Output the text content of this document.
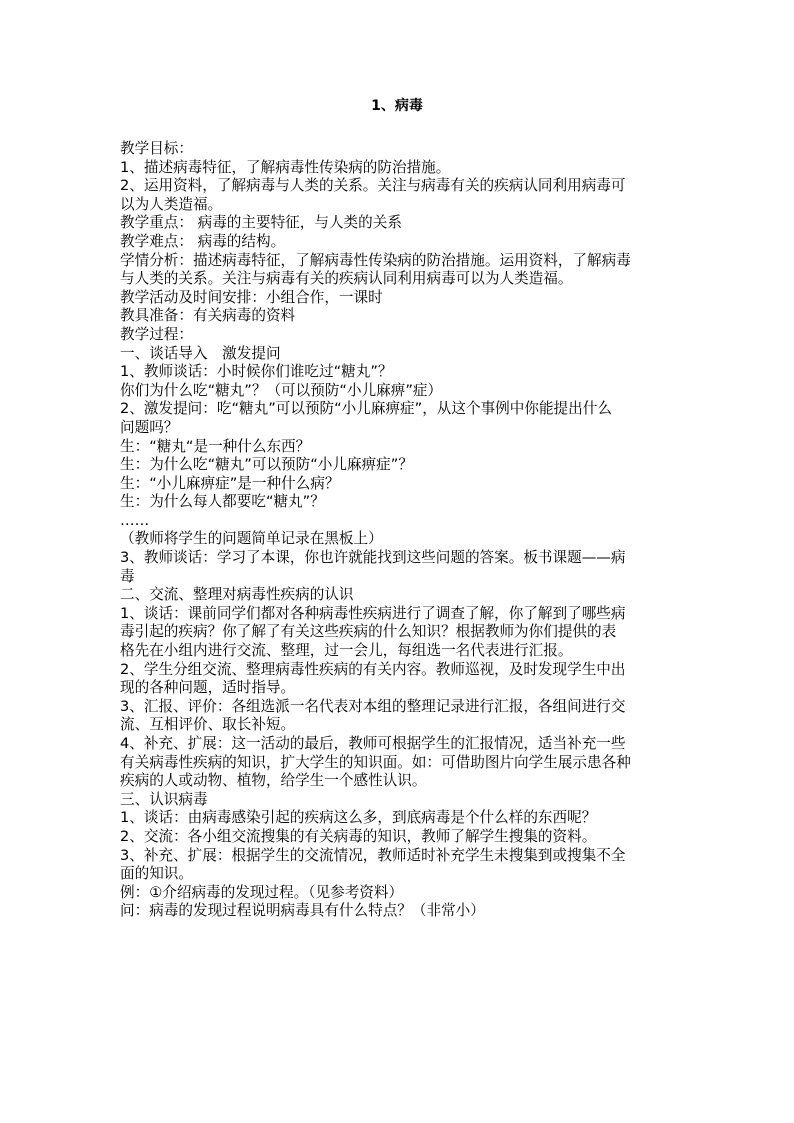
1、病毒
教学目标：
1、描述病毒特征，了解病毒性传染病的防治措施。
2、运用资料，了解病毒与人类的关系。关注与病毒有关的疾病认同利用病毒可
以为人类造福。
教学重点： 病毒的主要特征，与人类的关系
教学难点： 病毒的结构。
学情分析：描述病毒特征，了解病毒性传染病的防治措施。运用资料，了解病毒
与人类的关系。关注与病毒有关的疾病认同利用病毒可以为人类造福。
教学活动及时间安排：小组合作，一课时
教具准备：有关病毒的资料
教学过程：
一、谈话导入　激发提问
1、教师谈话：小时候你们谁吃过“糖丸”？
你们为什么吃“糖丸”？（可以预防“小儿麻痹”症）
2、激发提问：吃“糖丸”可以预防“小儿麻痹症”，从这个事例中你能提出什么
问题吗？
生：“糖丸“是一种什么东西？
生：为什么吃“糖丸”可以预防“小儿麻痹症”？
生：“小儿麻痹症”是一种什么病？
生：为什么每人都要吃“糖丸”？
……
（教师将学生的问题简单记录在黑板上）
3、教师谈话：学习了本课，你也许就能找到这些问题的答案。板书课题——病
毒
二、交流、整理对病毒性疾病的认识
1、谈话：课前同学们都对各种病毒性疾病进行了调查了解，你了解到了哪些病
毒引起的疾病？你了解了有关这些疾病的什么知识？根据教师为你们提供的表
格先在小组内进行交流、整理，过一会儿，每组选一名代表进行汇报。
2、学生分组交流、整理病毒性疾病的有关内容。教师巡视，及时发现学生中出
现的各种问题，适时指导。
3、汇报、评价：各组选派一名代表对本组的整理记录进行汇报，各组间进行交
流、互相评价、取长补短。
4、补充、扩展：这一活动的最后，教师可根据学生的汇报情况，适当补充一些
有关病毒性疾病的知识，扩大学生的知识面。如：可借助图片向学生展示患各种
疾病的人或动物、植物，给学生一个感性认识。
三、认识病毒
1、谈话：由病毒感染引起的疾病这么多，到底病毒是个什么样的东西呢？
2、交流：各小组交流搜集的有关病毒的知识，教师了解学生搜集的资料。
3、补充、扩展：根据学生的交流情况，教师适时补充学生未搜集到或搜集不全
面的知识。
例：①介绍病毒的发现过程。（见参考资料）
问：病毒的发现过程说明病毒具有什么特点？（非常小）
